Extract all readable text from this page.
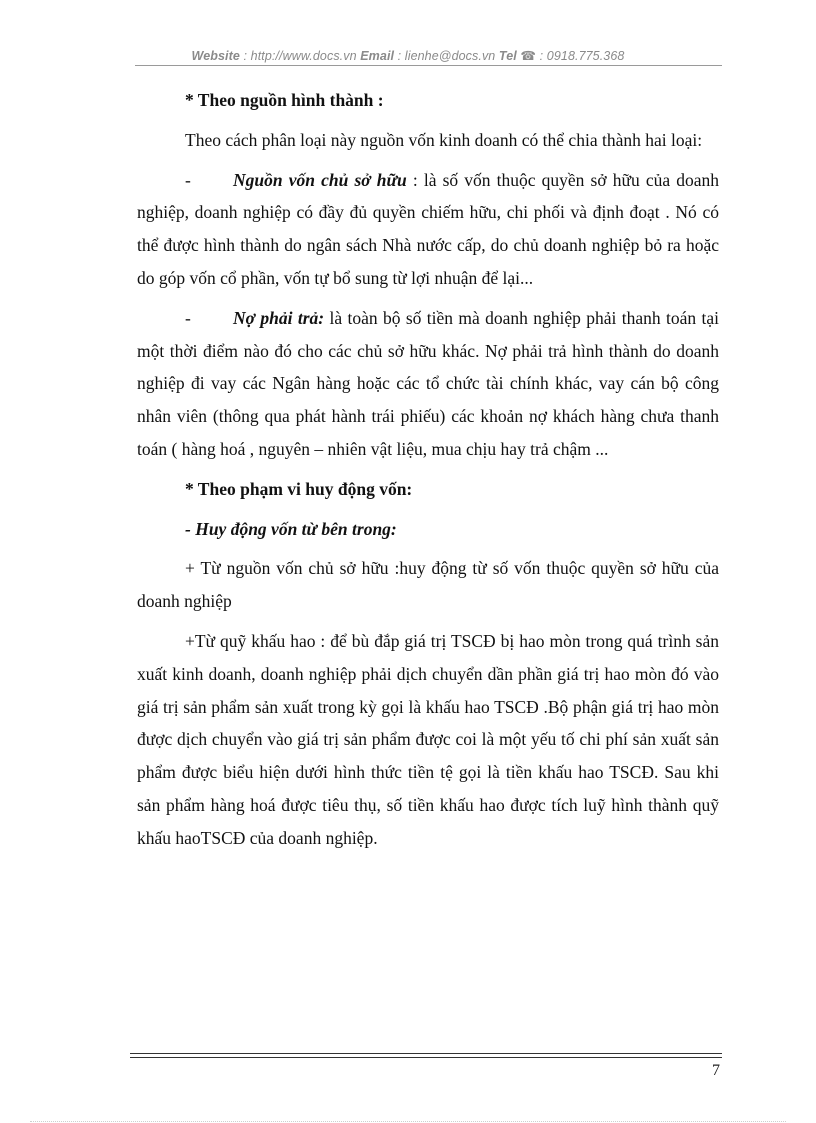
Website : http://www.docs.vn Email : lienhe@docs.vn Tel ☎ : 0918.775.368

* Theo nguồn hình thành :

Theo cách phân loại này nguồn vốn kinh doanh có thể chia thành hai loại:

- Nguồn vốn chủ sở hữu : là số vốn thuộc quyền sở hữu của doanh nghiệp, doanh nghiệp có đầy đủ quyền chiếm hữu, chi phối và định đoạt . Nó có thể được hình thành do ngân sách Nhà nước cấp, do chủ doanh nghiệp bỏ ra hoặc do góp vốn cổ phần, vốn tự bổ sung từ lợi nhuận để lại...

- Nợ phải trả: là toàn bộ số tiền mà doanh nghiệp phải thanh toán tại một thời điểm nào đó cho các chủ sở hữu khác. Nợ phải trả hình thành do doanh nghiệp đi vay các Ngân hàng hoặc các tổ chức tài chính khác, vay cán bộ công nhân viên (thông qua phát hành trái phiếu) các khoản nợ khách hàng chưa thanh toán ( hàng hoá , nguyên – nhiên vật liệu, mua chịu hay trả chậm ...

* Theo phạm vi huy động vốn:

- Huy động vốn từ bên trong:

+ Từ nguồn vốn chủ sở hữu :huy động từ số vốn thuộc quyền sở hữu của doanh nghiệp

+Từ quỹ khấu hao : để bù đắp giá trị TSCĐ bị hao mòn trong quá trình sản xuất kinh doanh, doanh nghiệp phải dịch chuyển dần phần giá trị hao mòn đó vào giá trị sản phẩm sản xuất trong kỳ gọi là khấu hao TSCĐ .Bộ phận giá trị hao mòn được dịch chuyển vào giá trị sản phẩm được coi là một yếu tố chi phí sản xuất sản phẩm được biểu hiện dưới hình thức tiền tệ gọi là tiền khấu hao TSCĐ. Sau khi sản phẩm hàng hoá được tiêu thụ, số tiền khấu hao được tích luỹ hình thành quỹ khấu haoTSCĐ của doanh nghiệp.

7
